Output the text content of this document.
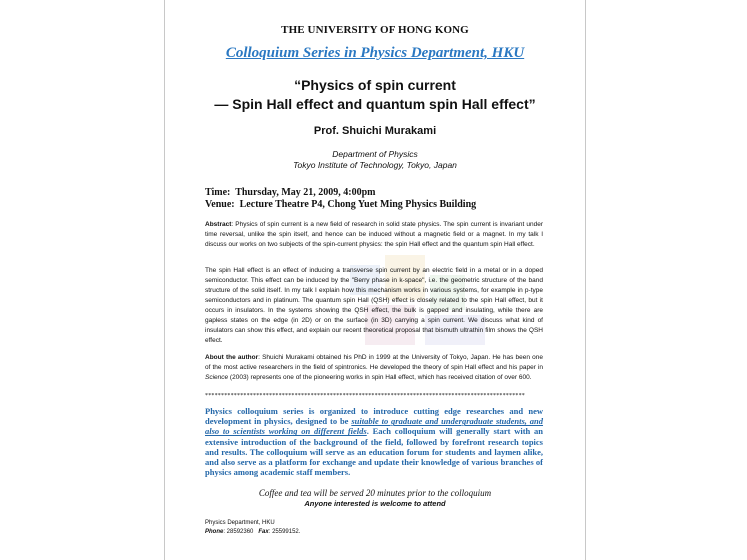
THE UNIVERSITY OF HONG KONG
Colloquium Series in Physics Department, HKU
“Physics of spin current
— Spin Hall effect and quantum spin Hall effect”
Prof. Shuichi Murakami
Department of Physics
Tokyo Institute of Technology, Tokyo, Japan
Time: Thursday, May 21, 2009, 4:00pm
Venue: Lecture Theatre P4, Chong Yuet Ming Physics Building
Abstract: Physics of spin current is a new field of research in solid state physics. The spin current is invariant under time reversal, unlike the spin itself, and hence can be induced without a magnetic field or a magnet. In my talk I discuss our works on two subjects of the spin-current physics: the spin Hall effect and the quantum spin Hall effect.
The spin Hall effect is an effect of inducing a transverse spin current by an electric field in a metal or in a doped semiconductor. This effect can be induced by the "Berry phase in k-space", i.e. the geometric structure of the band structure of the solid itself. In my talk I explain how this mechanism works in various systems, for example in p-type semiconductors and in platinum. The quantum spin Hall (QSH) effect is closely related to the spin Hall effect, but it occurs in insulators. In the systems showing the QSH effect, the bulk is gapped and insulating, while there are gapless states on the edge (in 2D) or on the surface (in 3D) carrying a spin current. We discuss what kind of insulators can show this effect, and explain our recent theoretical proposal that bismuth ultrathin film shows the QSH effect.
About the author: Shuichi Murakami obtained his PhD in 1999 at the University of Tokyo, Japan. He has been one of the most active researchers in the field of spintronics. He developed the theory of spin Hall effect and his paper in Science (2003) represents one of the pioneering works in spin Hall effect, which has received citation of over 600.
****************************************************************************************************
Physics colloquium series is organized to introduce cutting edge researches and new development in physics, designed to be suitable to graduate and undergraduate students, and also to scientists working on different fields. Each colloquium will generally start with an extensive introduction of the background of the field, followed by forefront research topics and results. The colloquium will serve as an education forum for students and laymen alike, and also serve as a platform for exchange and update their knowledge of various branches of physics among academic staff members.
Coffee and tea will be served 20 minutes prior to the colloquium
Anyone interested is welcome to attend
Physics Department, HKU
Phone: 28592360 Fax: 25599152.
